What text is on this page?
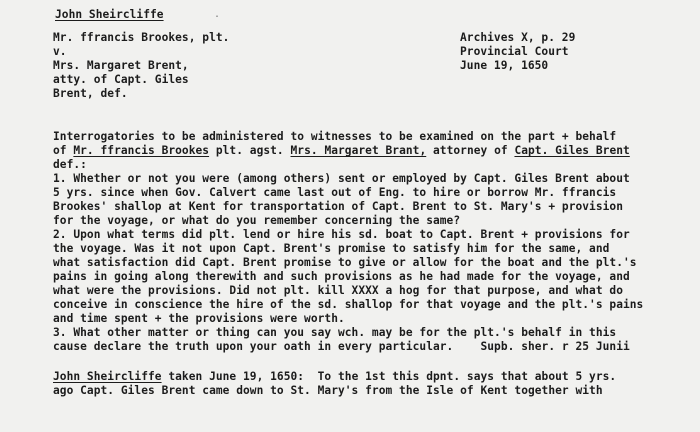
John Sheircliffe	.
Mr. ffrancis Brookes, plt.
v.
Mrs. Margaret Brent,
atty. of Capt. Giles
Brent, def.
Archives X, p. 29
Provincial Court
June 19, 1650
Interrogatories to be administered to witnesses to be examined on the part + behalf
of Mr. ffrancis Brookes plt. agst. Mrs. Margaret Brant, attorney of Capt. Giles Brent
def.:
1. Whether or not you were (among others) sent or employed by Capt. Giles Brent about
5 yrs. since when Gov. Calvert came last out of Eng. to hire or borrow Mr. ffrancis
Brookes' shallop at Kent for transportation of Capt. Brent to St. Mary's + provision
for the voyage, or what do you remember concerning the same?
2. Upon what terms did plt. lend or hire his sd. boat to Capt. Brent + provisions for
the voyage. Was it not upon Capt. Brent's promise to satisfy him for the same, and
what satisfaction did Capt. Brent promise to give or allow for the boat and the plt.'s
pains in going along therewith and such provisions as he had made for the voyage, and
what were the provisions. Did not plt. kill XXXX a hog for that purpose, and what do
conceive in conscience the hire of the sd. shallop for that voyage and the plt.'s pains
and time spent + the provisions were worth.
3. What other matter or thing can you say wch. may be for the plt.'s behalf in this
cause declare the truth upon your oath in every particular.    Supb. sher. r 25 Junii
John Sheircliffe taken June 19, 1650:  To the 1st this dpnt. says that about 5 yrs.
ago Capt. Giles Brent came down to St. Mary's from the Isle of Kent together with
